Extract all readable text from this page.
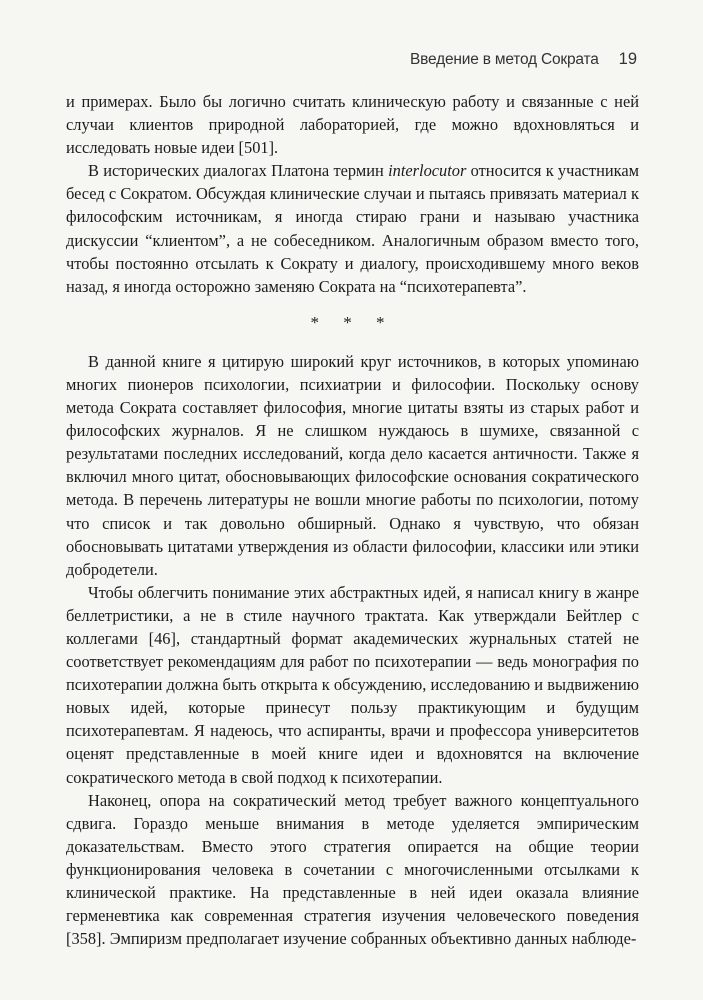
Введение в метод Сократа 19

и примерах. Было бы логично считать клиническую работу и связанные с ней случаи клиентов природной лабораторией, где можно вдохновляться и исследовать новые идеи [501].

В исторических диалогах Платона термин interlocutor относится к участникам бесед с Сократом. Обсуждая клинические случаи и пытаясь привязать материал к философским источникам, я иногда стираю грани и называю участника дискуссии “клиентом”, а не собеседником. Аналогичным образом вместо того, чтобы постоянно отсылать к Сократу и диалогу, происходившему много веков назад, я иногда осторожно заменяю Сократа на “психотерапевта”.

* * *

В данной книге я цитирую широкий круг источников, в которых упоминаю многих пионеров психологии, психиатрии и философии. Поскольку основу метода Сократа составляет философия, многие цитаты взяты из старых работ и философских журналов. Я не слишком нуждаюсь в шумихе, связанной с результатами последних исследований, когда дело касается античности. Также я включил много цитат, обосновывающих философские основания сократического метода. В перечень литературы не вошли многие работы по психологии, потому что список и так довольно обширный. Однако я чувствую, что обязан обосновывать цитатами утверждения из области философии, классики или этики добродетели.

Чтобы облегчить понимание этих абстрактных идей, я написал книгу в жанре беллетристики, а не в стиле научного трактата. Как утверждали Бейтлер с коллегами [46], стандартный формат академических журнальных статей не соответствует рекомендациям для работ по психотерапии — ведь монография по психотерапии должна быть открыта к обсуждению, исследованию и выдвижению новых идей, которые принесут пользу практикующим и будущим психотерапевтам. Я надеюсь, что аспиранты, врачи и профессора университетов оценят представленные в моей книге идеи и вдохновятся на включение сократического метода в свой подход к психотерапии.

Наконец, опора на сократический метод требует важного концептуального сдвига. Гораздо меньше внимания в методе уделяется эмпирическим доказательствам. Вместо этого стратегия опирается на общие теории функционирования человека в сочетании с многочисленными отсылками к клинической практике. На представленные в ней идеи оказала влияние герменевтика как современная стратегия изучения человеческого поведения [358]. Эмпиризм предполагает изучение собранных объективно данных наблюде-
